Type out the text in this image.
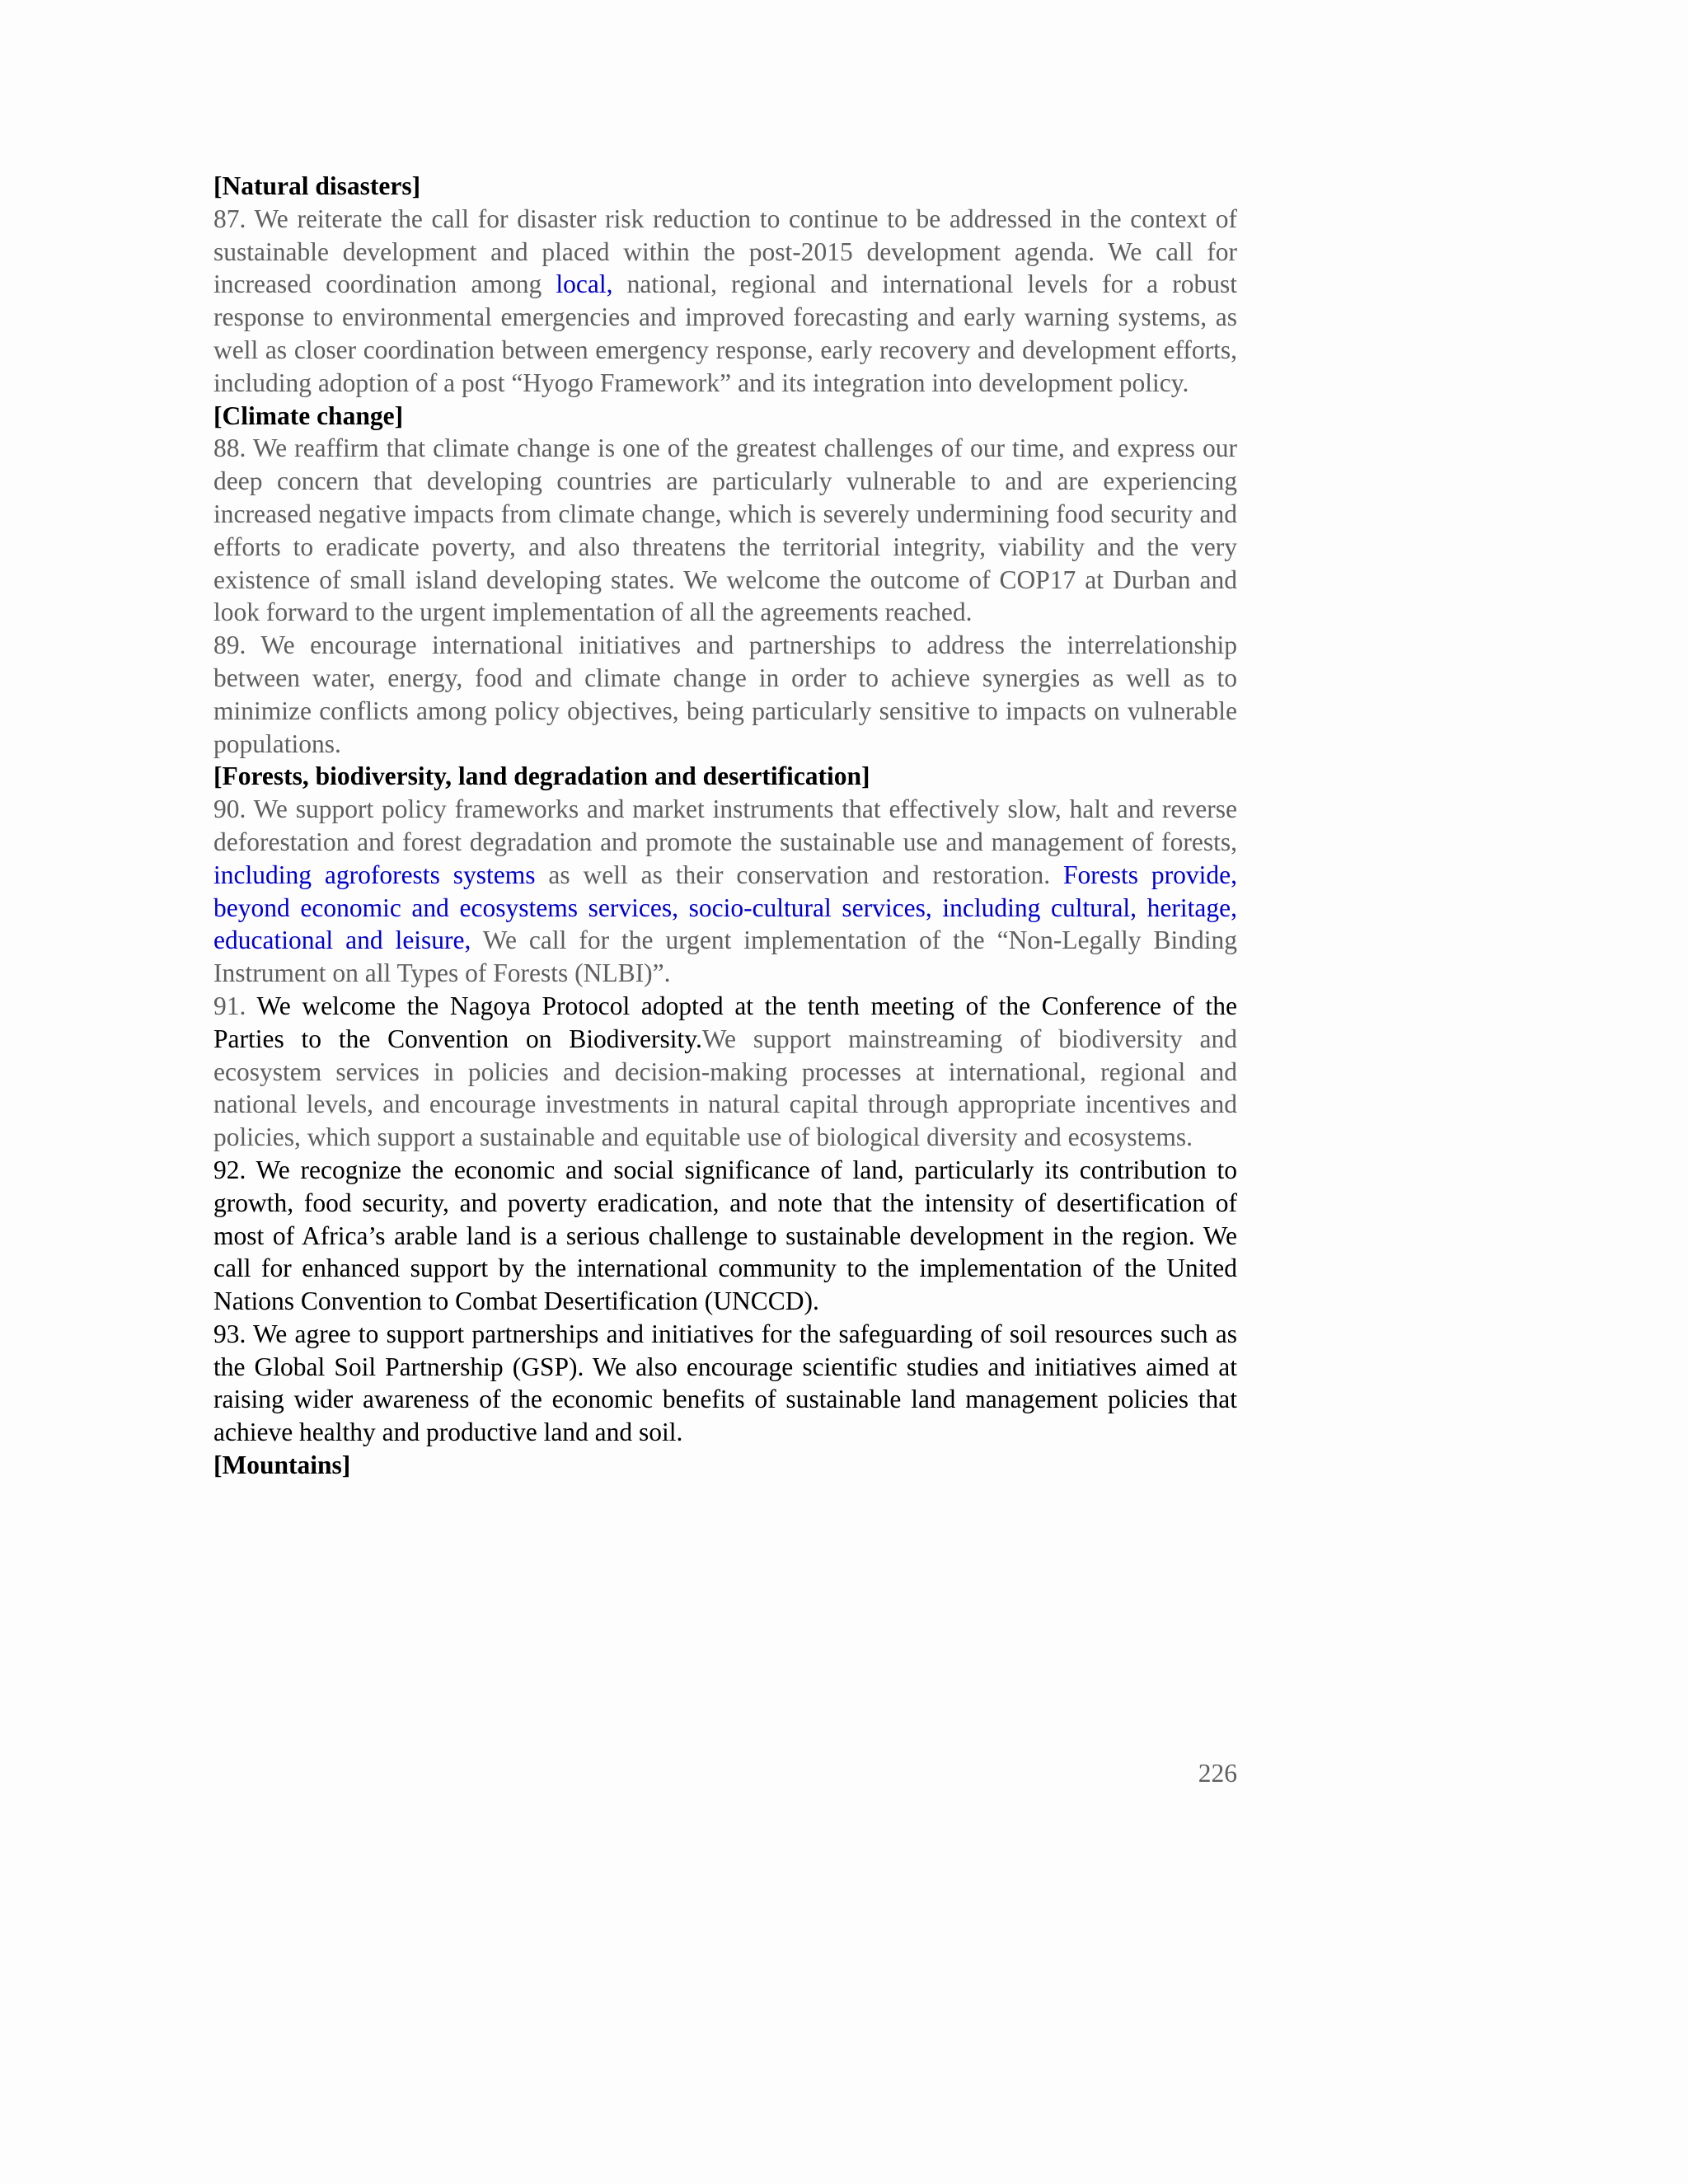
[Natural disasters]

87. We reiterate the call for disaster risk reduction to continue to be addressed in the context of sustainable development and placed within the post-2015 development agenda. We call for increased coordination among local, national, regional and international levels for a robust response to environmental emergencies and improved forecasting and early warning systems, as well as closer coordination between emergency response, early recovery and development efforts, including adoption of a post “Hyogo Framework” and its integration into development policy.

[Climate change]

88. We reaffirm that climate change is one of the greatest challenges of our time, and express our deep concern that developing countries are particularly vulnerable to and are experiencing increased negative impacts from climate change, which is severely undermining food security and efforts to eradicate poverty, and also threatens the territorial integrity, viability and the very existence of small island developing states. We welcome the outcome of COP17 at Durban and look forward to the urgent implementation of all the agreements reached.

89. We encourage international initiatives and partnerships to address the interrelationship between water, energy, food and climate change in order to achieve synergies as well as to minimize conflicts among policy objectives, being particularly sensitive to impacts on vulnerable populations.

[Forests, biodiversity, land degradation and desertification]

90. We support policy frameworks and market instruments that effectively slow, halt and reverse deforestation and forest degradation and promote the sustainable use and management of forests, including agroforests systems as well as their conservation and restoration. Forests provide, beyond economic and ecosystems services, socio-cultural services, including cultural, heritage, educational and leisure, We call for the urgent implementation of the “Non-Legally Binding Instrument on all Types of Forests (NLBI)”.

91. We welcome the Nagoya Protocol adopted at the tenth meeting of the Conference of the Parties to the Convention on Biodiversity.We support mainstreaming of biodiversity and ecosystem services in policies and decision-making processes at international, regional and national levels, and encourage investments in natural capital through appropriate incentives and policies, which support a sustainable and equitable use of biological diversity and ecosystems.

92. We recognize the economic and social significance of land, particularly its contribution to growth, food security, and poverty eradication, and note that the intensity of desertification of most of Africa’s arable land is a serious challenge to sustainable development in the region. We call for enhanced support by the international community to the implementation of the United Nations Convention to Combat Desertification (UNCCD).

93. We agree to support partnerships and initiatives for the safeguarding of soil resources such as the Global Soil Partnership (GSP). We also encourage scientific studies and initiatives aimed at raising wider awareness of the economic benefits of sustainable land management policies that achieve healthy and productive land and soil.

[Mountains]

226
